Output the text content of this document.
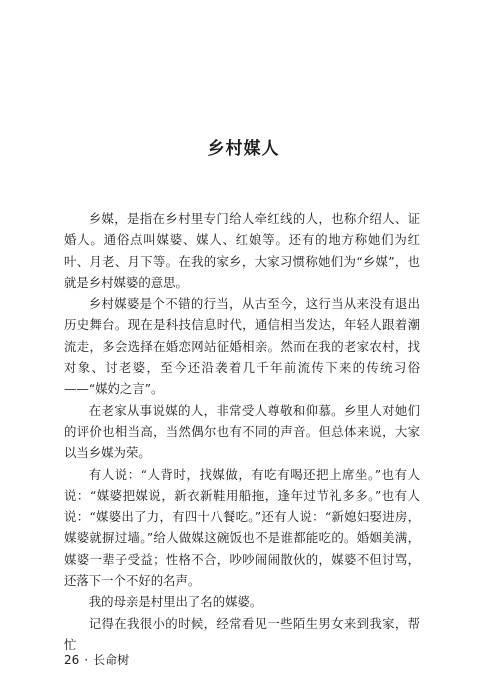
乡村媒人

乡媒，是指在乡村里专门给人牵红线的人，也称介绍人、证婚人。通俗点叫媒婆、媒人、红娘等。还有的地方称她们为红叶、月老、月下等。在我的家乡，大家习惯称她们为“乡媒”，也就是乡村媒婆的意思。

乡村媒婆是个不错的行当，从古至今，这行当从来没有退出历史舞台。现在是科技信息时代，通信相当发达，年轻人跟着潮流走，多会选择在婚恋网站征婚相亲。然而在我的老家农村，找对象、讨老婆，至今还沿袭着几千年前流传下来的传统习俗——“媒妁之言”。

在老家从事说媒的人，非常受人尊敬和仰慕。乡里人对她们的评价也相当高，当然偶尔也有不同的声音。但总体来说，大家以当乡媒为荣。

有人说：“人背时，找媒做，有吃有喝还把上席坐。”也有人说：“媒婆把媒说，新衣新鞋用船拖，逢年过节礼多多。”也有人说：“媒婆出了力，有四十八餐吃。”还有人说：“新媳妇娶进房，媒婆就摒过墙。”给人做媒这碗饭也不是谁都能吃的。婚姻美满，媒婆一辈子受益；性格不合，吵吵闹闹散伙的，媒婆不但讨骂，还落下一个不好的名声。

我的母亲是村里出了名的媒婆。

记得在我很小的时候，经常看见一些陌生男女来到我家，帮忙

26 · 长命树
